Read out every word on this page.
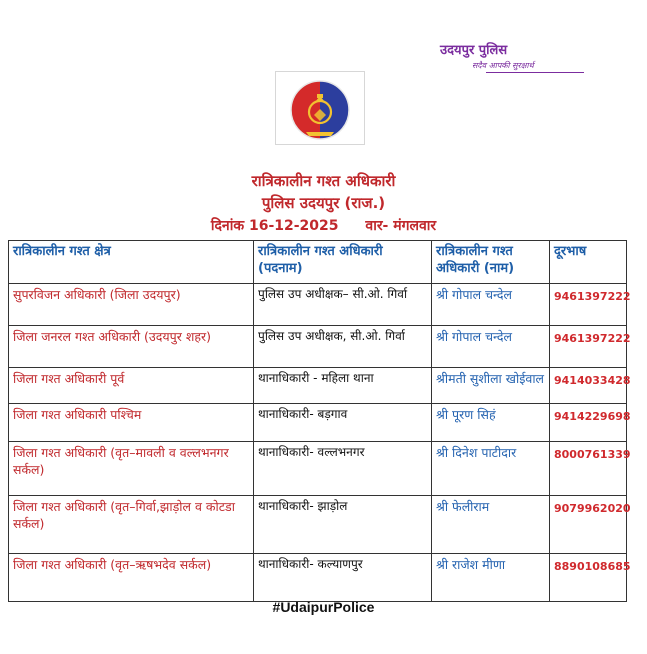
उदयपुर पुलिस
सदैव आपकी सुरक्षार्थ
रात्रिकालीन गश्त अधिकारी
पुलिस उदयपुर (राज.)
दिनांक 16-12-2025 वार- मंगलवार
रात्रिकालीन गश्त क्षेत्र	रात्रिकालीन गश्त अधिकारी (पदनाम)	रात्रिकालीन गश्त अधिकारी (नाम)	दूरभाष
सुपरविजन अधिकारी (जिला उदयपुर)	पुलिस उप अधीक्षक– सी.ओ. गिर्वा	श्री गोपाल चन्देल	9461397222
जिला जनरल गश्त अधिकारी (उदयपुर शहर)	पुलिस उप अधीक्षक, सी.ओ. गिर्वा	श्री गोपाल चन्देल	9461397222
जिला गश्त अधिकारी पूर्व	थानाधिकारी - महिला थाना	श्रीमती सुशीला खोईवाल	9414033428
जिला गश्त अधिकारी पश्चिम	थानाधिकारी- बड़गाव	श्री पूरण सिहं	9414229698
जिला गश्त अधिकारी (वृत–मावली व वल्लभनगर सर्कल)	थानाधिकारी- वल्लभनगर	श्री दिनेश पाटीदार	8000761339
जिला गश्त अधिकारी (वृत–गिर्वा,झाड़ोल व कोटडा सर्कल)	थानाधिकारी- झाड़ोल	श्री फेलीराम	9079962020
जिला गश्त अधिकारी (वृत–ऋषभदेव सर्कल)	थानाधिकारी- कल्याणपुर	श्री राजेश मीणा	8890108685
#UdaipurPolice
